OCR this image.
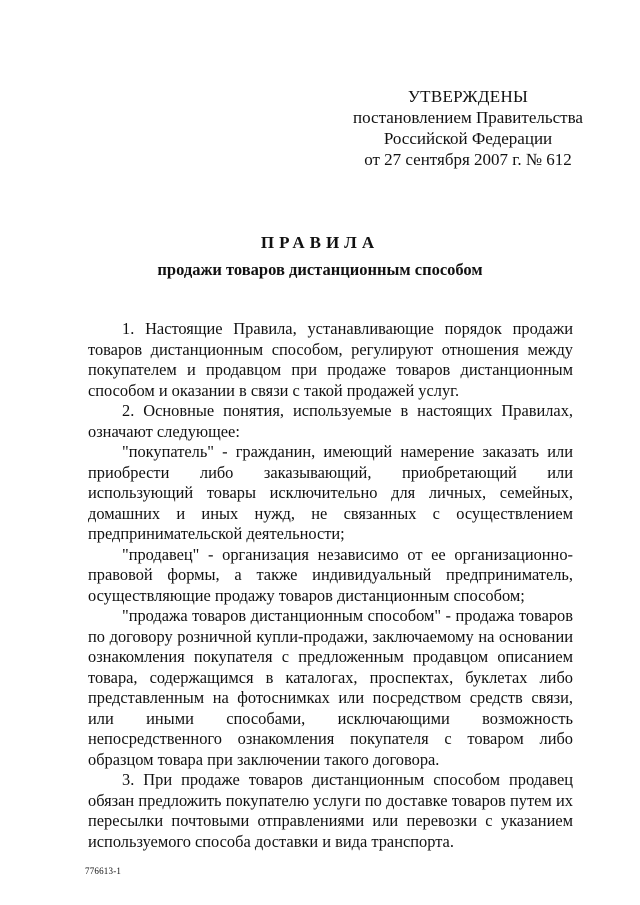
УТВЕРЖДЕНЫ
постановлением Правительства
Российской Федерации
от 27 сентября 2007 г. № 612
ПРАВИЛА
продажи товаров дистанционным способом

1. Настоящие Правила, устанавливающие порядок продажи товаров дистанционным способом, регулируют отношения между покупателем и продавцом при продаже товаров дистанционным способом и оказании в связи с такой продажей услуг.

2. Основные понятия, используемые в настоящих Правилах, означают следующее:

"покупатель" - гражданин, имеющий намерение заказать или приобрести либо заказывающий, приобретающий или использующий товары исключительно для личных, семейных, домашних и иных нужд, не связанных с осуществлением предпринимательской деятельности;

"продавец" - организация независимо от ее организационно-правовой формы, а также индивидуальный предприниматель, осуществляющие продажу товаров дистанционным способом;

"продажа товаров дистанционным способом" - продажа товаров по договору розничной купли-продажи, заключаемому на основании ознакомления покупателя с предложенным продавцом описанием товара, содержащимся в каталогах, проспектах, буклетах либо представленным на фотоснимках или посредством средств связи, или иными способами, исключающими возможность непосредственного ознакомления покупателя с товаром либо образцом товара при заключении такого договора.

3. При продаже товаров дистанционным способом продавец обязан предложить покупателю услуги по доставке товаров путем их пересылки почтовыми отправлениями или перевозки с указанием используемого способа доставки и вида транспорта.

776613-1
